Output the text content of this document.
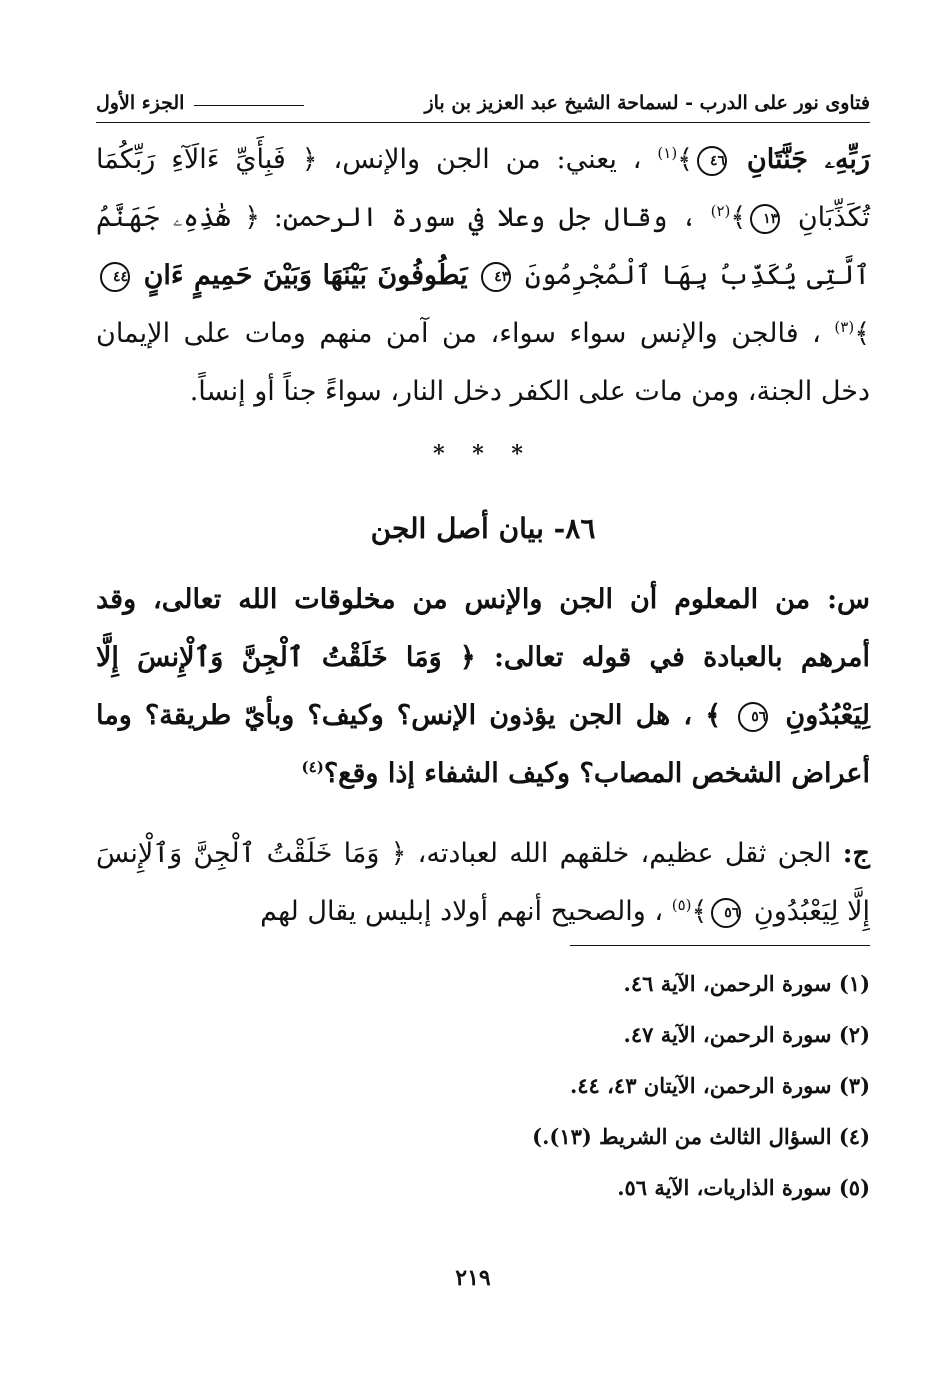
فتاوى نور على الدرب - لسماحة الشيخ عبد العزيز بن باز
الجزء الأول

رَبِّهِۦ جَنَّتَانِ ٤٦﴾$^{(١)}$ ، يعني: من الجن والإنس، ﴿ فَبِأَيِّ ءَالَآءِ رَبِّكُمَا تُكَذِّبَانِ ١٣﴾$^{(٢)}$ ، وقال جل وعلا في سورة الرحمن: ﴿ هَٰذِهِۦ جَهَنَّمُ ٱلَّتِى يُكَذِّبُ بِهَا ٱلْمُجْرِمُونَ ٤٣ يَطُوفُونَ بَيْنَهَا وَبَيْنَ حَمِيمٍ ءَانٍ ٤٤﴾$^{(٣)}$ ، فالجن والإنس سواء سواء، من آمن منهم ومات على الإيمان دخل الجنة، ومن مات على الكفر دخل النار، سواءً جناً أو إنساً.

* * *
٨٦- بيان أصل الجن
س: من المعلوم أن الجن والإنس من مخلوقات الله تعالى، وقد أمرهم بالعبادة في قوله تعالى: ﴿ وَمَا خَلَقْتُ ٱلْجِنَّ وَٱلْإِنسَ إِلَّا لِيَعْبُدُونِ ٥٦ ﴾ ، هل الجن يؤذون الإنس؟ وكيف؟ وبأيّ طريقة؟ وما أعراض الشخص المصاب؟ وكيف الشفاء إذا وقع؟$^{(٤)}$
ج: الجن ثقل عظيم، خلقهم الله لعبادته، ﴿ وَمَا خَلَقْتُ ٱلْجِنَّ وَٱلْإِنسَ إِلَّا لِيَعْبُدُونِ ٥٦﴾$^{(٥)}$ ، والصحيح أنهم أولاد إبليس يقال لهم
(١) سورة الرحمن، الآية ٤٦.
(٢) سورة الرحمن، الآية ٤٧.
(٣) سورة الرحمن، الآيتان ٤٣، ٤٤.
(٤) السؤال الثالث من الشريط (١٣).)
(٥) سورة الذاريات، الآية ٥٦.
٢١٩
